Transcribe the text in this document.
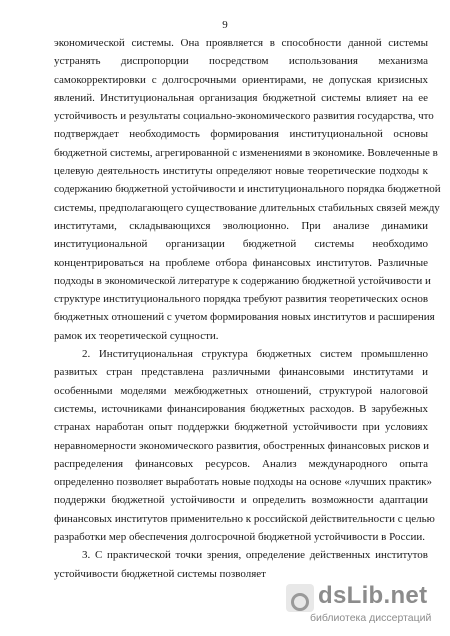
9
экономической системы. Она проявляется в способности данной системы
устранять диспропорции посредством использования механизма
самокорректировки с долгосрочными ориентирами, не допуская кризисных
явлений. Институциональная организация бюджетной системы влияет на ее
устойчивость и результаты социально-экономического развития государства, что
подтверждает необходимость формирования институциональной основы
бюджетной системы, агрегированной с изменениями в экономике. Вовлеченные в
целевую деятельность институты определяют новые теоретические подходы к
содержанию бюджетной устойчивости и институционального порядка бюджетной
системы, предполагающего существование длительных стабильных связей между
институтами, складывающихся эволюционно. При анализе динамики
институциональной организации бюджетной системы необходимо
концентрироваться на проблеме отбора финансовых институтов. Различные
подходы в экономической литературе к содержанию бюджетной устойчивости и
структуре институционального порядка требуют развития теоретических основ
бюджетных отношений с учетом формирования новых институтов и расширения
рамок их теоретической сущности.
2. Институциональная структура бюджетных систем промышленно
развитых стран представлена различными финансовыми институтами и
особенными моделями межбюджетных отношений, структурой налоговой
системы, источниками финансирования бюджетных расходов. В зарубежных
странах наработан опыт поддержки бюджетной устойчивости при условиях
неравномерности экономического развития, обостренных финансовых рисков и
распределения финансовых ресурсов. Анализ международного опыта
определенно позволяет выработать новые подходы на основе «лучших практик»
поддержки бюджетной устойчивости и определить возможности адаптации
финансовых институтов применительно к российской действительности с целью
разработки мер обеспечения долгосрочной бюджетной устойчивости в России.
3. С практической точки зрения, определение действенных институтов
устойчивости бюджетной системы позволяет
dsLib.net
библиотека диссертаций
